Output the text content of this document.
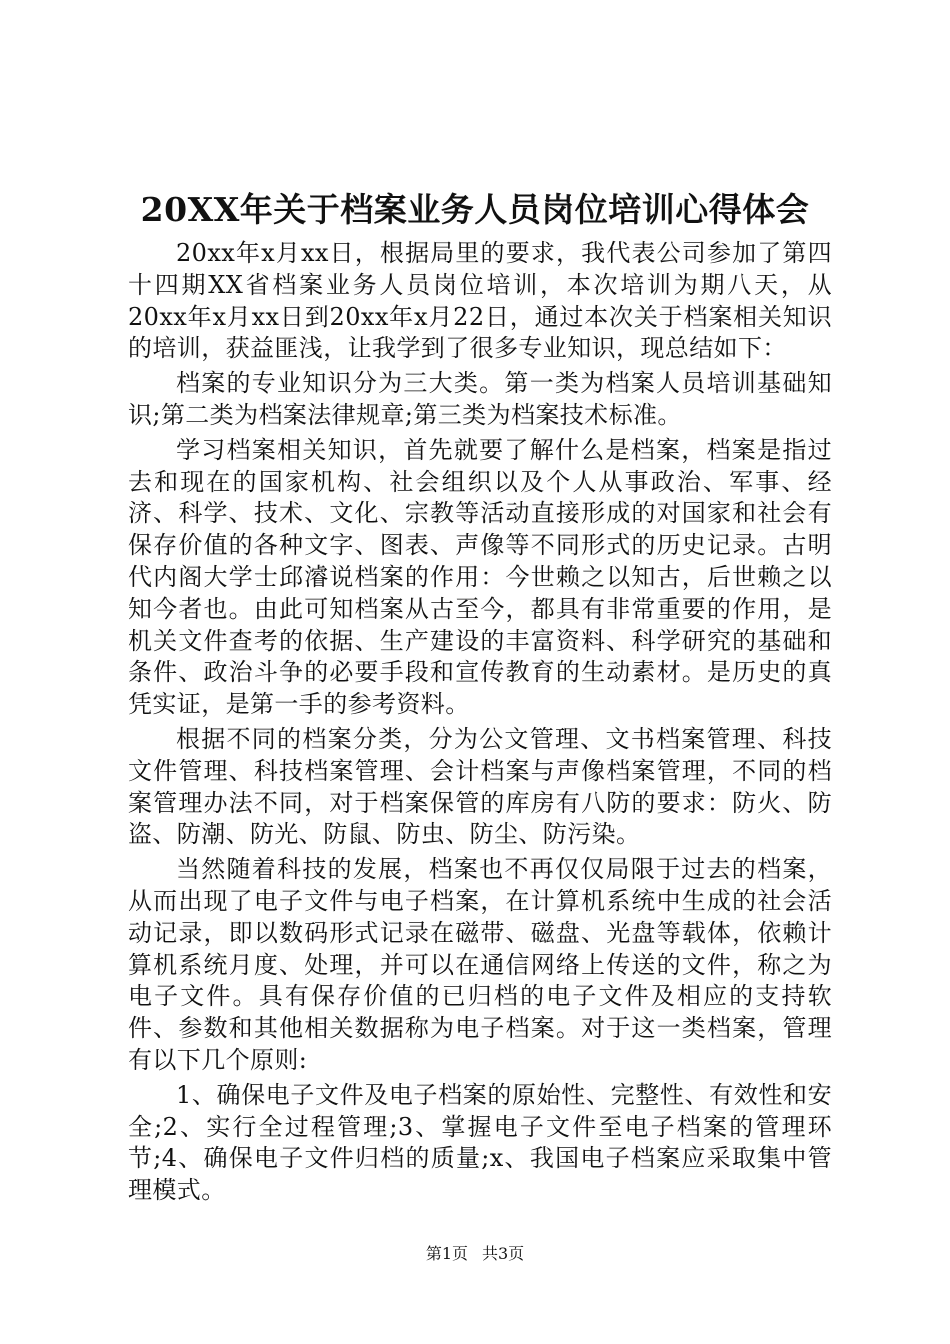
20XX年关于档案业务人员岗位培训心得体会

20xx年x月xx日，根据局里的要求，我代表公司参加了第四十四期XX省档案业务人员岗位培训，本次培训为期八天，从20xx年x月xx日到20xx年x月22日，通过本次关于档案相关知识的培训，获益匪浅，让我学到了很多专业知识，现总结如下：

档案的专业知识分为三大类。第一类为档案人员培训基础知识;第二类为档案法律规章;第三类为档案技术标准。

学习档案相关知识，首先就要了解什么是档案，档案是指过去和现在的国家机构、社会组织以及个人从事政治、军事、经济、科学、技术、文化、宗教等活动直接形成的对国家和社会有保存价值的各种文字、图表、声像等不同形式的历史记录。古明代内阁大学士邱濬说档案的作用：今世赖之以知古，后世赖之以知今者也。由此可知档案从古至今，都具有非常重要的作用，是机关文件查考的依据、生产建设的丰富资料、科学研究的基础和条件、政治斗争的必要手段和宣传教育的生动素材。是历史的真凭实证，是第一手的参考资料。

根据不同的档案分类，分为公文管理、文书档案管理、科技文件管理、科技档案管理、会计档案与声像档案管理，不同的档案管理办法不同，对于档案保管的库房有八防的要求：防火、防盗、防潮、防光、防鼠、防虫、防尘、防污染。

当然随着科技的发展，档案也不再仅仅局限于过去的档案，从而出现了电子文件与电子档案，在计算机系统中生成的社会活动记录，即以数码形式记录在磁带、磁盘、光盘等载体，依赖计算机系统月度、处理，并可以在通信网络上传送的文件，称之为电子文件。具有保存价值的已归档的电子文件及相应的支持软件、参数和其他相关数据称为电子档案。对于这一类档案，管理有以下几个原则:

1、确保电子文件及电子档案的原始性、完整性、有效性和安全;2、实行全过程管理;3、掌握电子文件至电子档案的管理环节;4、确保电子文件归档的质量;x、我国电子档案应采取集中管理模式。

第1页 共3页
